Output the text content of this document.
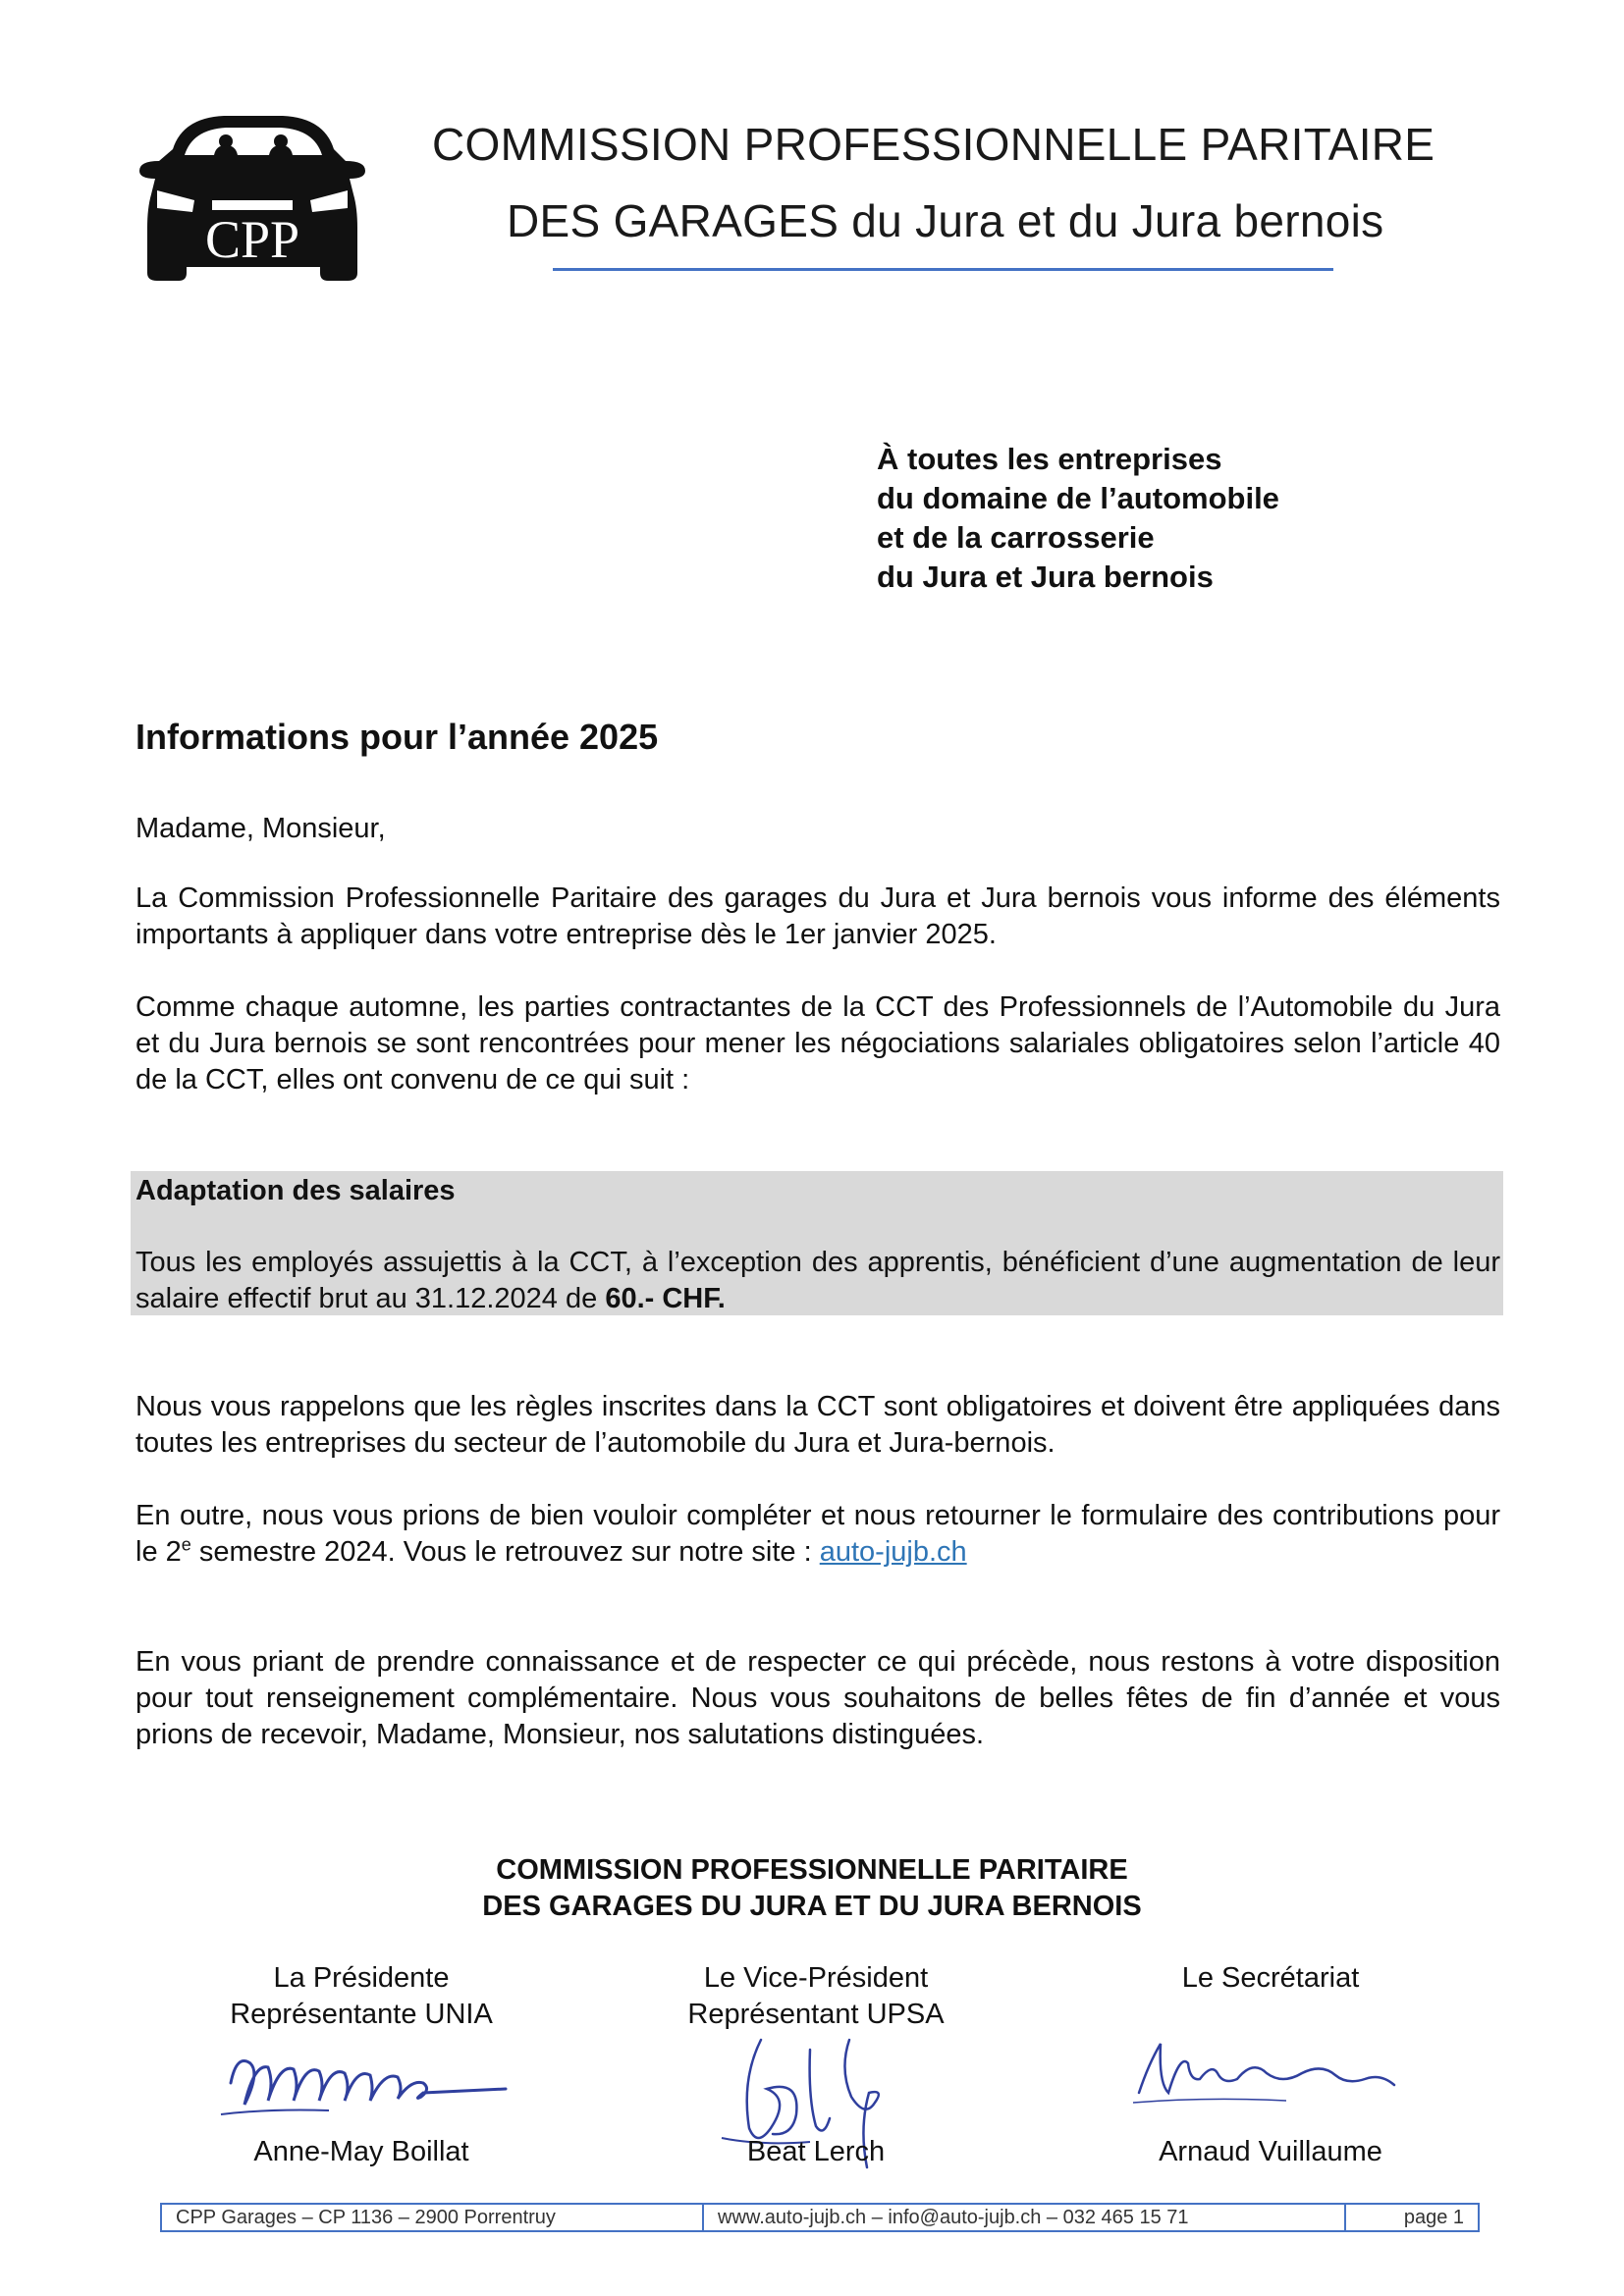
CPP
COMMISSION PROFESSIONNELLE PARITAIRE
DES GARAGES du Jura et du Jura bernois
À toutes les entreprises
du domaine de l’automobile
et de la carrosserie
du Jura et Jura bernois
Informations pour l’année 2025
Madame, Monsieur,
La Commission Professionnelle Paritaire des garages du Jura et Jura bernois vous informe des éléments importants à appliquer dans votre entreprise dès le 1er janvier 2025.
Comme chaque automne, les parties contractantes de la CCT des Professionnels de l’Automobile du Jura et du Jura bernois se sont rencontrées pour mener les négociations salariales obligatoires selon l’article 40 de la CCT, elles ont convenu de ce qui suit :
Adaptation des salaires
Tous les employés assujettis à la CCT, à l’exception des apprentis, bénéficient d’une augmentation de leur salaire effectif brut au 31.12.2024 de 60.- CHF.
Nous vous rappelons que les règles inscrites dans la CCT sont obligatoires et doivent être appliquées dans toutes les entreprises du secteur de l’automobile du Jura et Jura-bernois.
En outre, nous vous prions de bien vouloir compléter et nous retourner le formulaire des contributions pour le 2e semestre 2024. Vous le retrouvez sur notre site : auto-jujb.ch
En vous priant de prendre connaissance et de respecter ce qui précède, nous restons à votre disposition pour tout renseignement complémentaire. Nous vous souhaitons de belles fêtes de fin d’année et vous prions de recevoir, Madame, Monsieur, nos salutations distinguées.
COMMISSION PROFESSIONNELLE PARITAIRE
DES GARAGES DU JURA ET DU JURA BERNOIS
La Présidente
Représentante UNIA
Le Vice-Président
Représentant UPSA
Le Secrétariat
Anne-May Boillat	Beat Lerch	Arnaud Vuillaume
CPP Garages – CP 1136 – 2900 Porrentruy	www.auto-jujb.ch – info@auto-jujb.ch – 032 465 15 71	page 1
